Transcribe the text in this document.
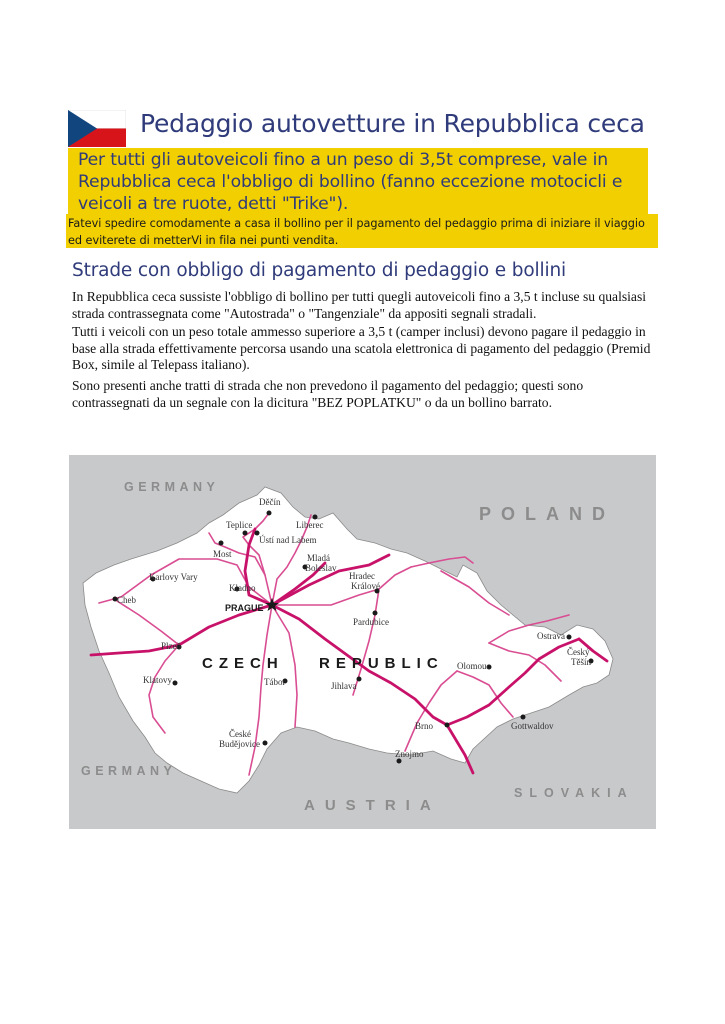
Pedaggio autovetture in Repubblica ceca

Per tutti gli autoveicoli fino a un peso di 3,5t comprese, vale in Repubblica ceca l'obbligo di bollino (fanno eccezione motocicli e veicoli a tre ruote, detti "Trike").

Fatevi spedire comodamente a casa il bollino per il pagamento del pedaggio prima di iniziare il viaggio ed eviterete di metterVi in fila nei punti vendita.

Strade con obbligo di pagamento di pedaggio e bollini

In Repubblica ceca sussiste l'obbligo di bollino per tutti quegli autoveicoli fino a 3,5 t incluse su qualsiasi strada contrassegnata come "Autostrada" o "Tangenziale" da appositi segnali stradali.

Tutti i veicoli con un peso totale ammesso superiore a 3,5 t (camper inclusi) devono pagare il pedaggio in base alla strada effettivamente percorsa usando una scatola elettronica di pagamento del pedaggio (Premid Box, simile al Telepass italiano).

Sono presenti anche tratti di strada che non prevedono il pagamento del pedaggio; questi sono contrassegnati da un segnale con la dicitura "BEZ POPLATKU" o da un bollino barrato.

GERMANY
POLAND
GERMANY
AUSTRIA
SLOVAKIA
CZECH REPUBLIC
Děčín
Teplice
Ústí nad Labem
Liberec
Most	Mladá
Boleslav
Karlovy Vary
Cheb
Kladno
PRAGUE
Hradec
Králové
Pardubice
Ostrava
Český
Těšín
Olomouc
Plzeň
Klatovy	Tábor	Jihlava
Brno	Gottwaldov
České
Budějovice
Znojmo
